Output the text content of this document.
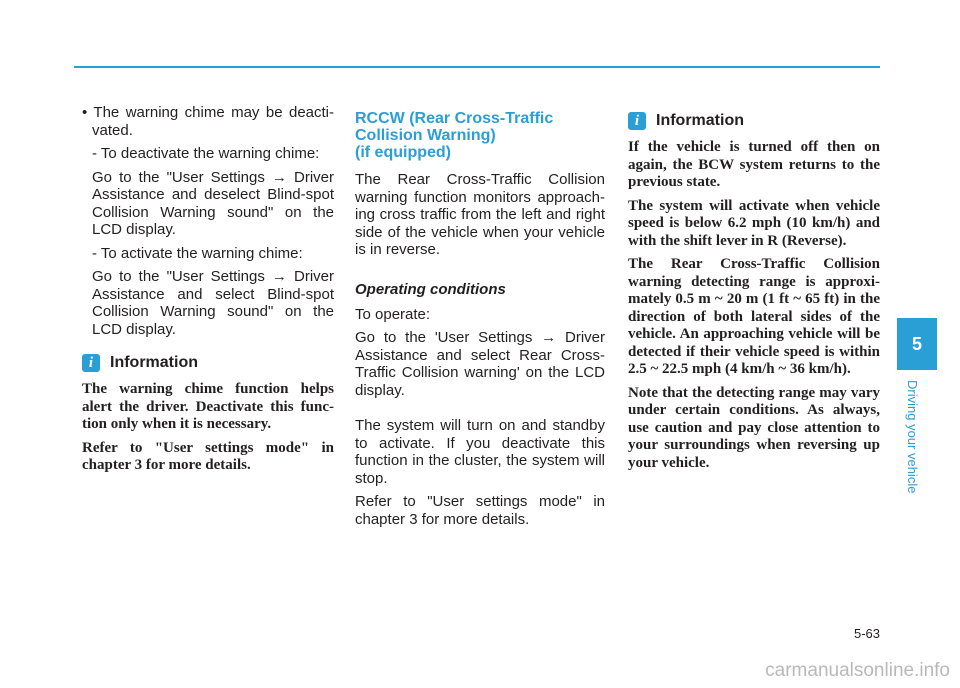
• The warning chime may be deacti-vated.

- To deactivate the warning chime:

Go to the "User Settings → Driver Assistance and deselect Blind-spot Collision Warning sound" on the LCD display.

- To activate the warning chime:

Go to the "User Settings → Driver Assistance and select Blind-spot Collision Warning sound" on the LCD display.

i	Information

The warning chime function helps alert the driver. Deactivate this func-tion only when it is necessary.

Refer to "User settings mode" in chapter 3 for more details.

RCCW (Rear Cross-Traffic
Collision Warning)
(if equipped)

The Rear Cross-Traffic Collision warning function monitors approach-ing cross traffic from the left and right side of the vehicle when your vehicle is in reverse.

Operating conditions

To operate:

Go to the 'User Settings → Driver Assistance and select Rear Cross-Traffic Collision warning' on the LCD display.

The system will turn on and standby to activate. If you deactivate this function in the cluster, the system will stop.

Refer to "User settings mode" in chapter 3 for more details.

i	Information

If the vehicle is turned off then on again, the BCW system returns to the previous state.

The system will activate when vehicle speed is below 6.2 mph (10 km/h) and with the shift lever in R (Reverse).

The Rear Cross-Traffic Collision warning detecting range is approxi-mately 0.5 m ~ 20 m (1 ft ~ 65 ft) in the direction of both lateral sides of the vehicle. An approaching vehicle will be detected if their vehicle speed is within 2.5 ~ 22.5 mph (4 km/h ~ 36 km/h).

Note that the detecting range may vary under certain conditions. As always, use caution and pay close attention to your surroundings when reversing up your vehicle.

5
Driving your vehicle
5-63
carmanualsonline.info
